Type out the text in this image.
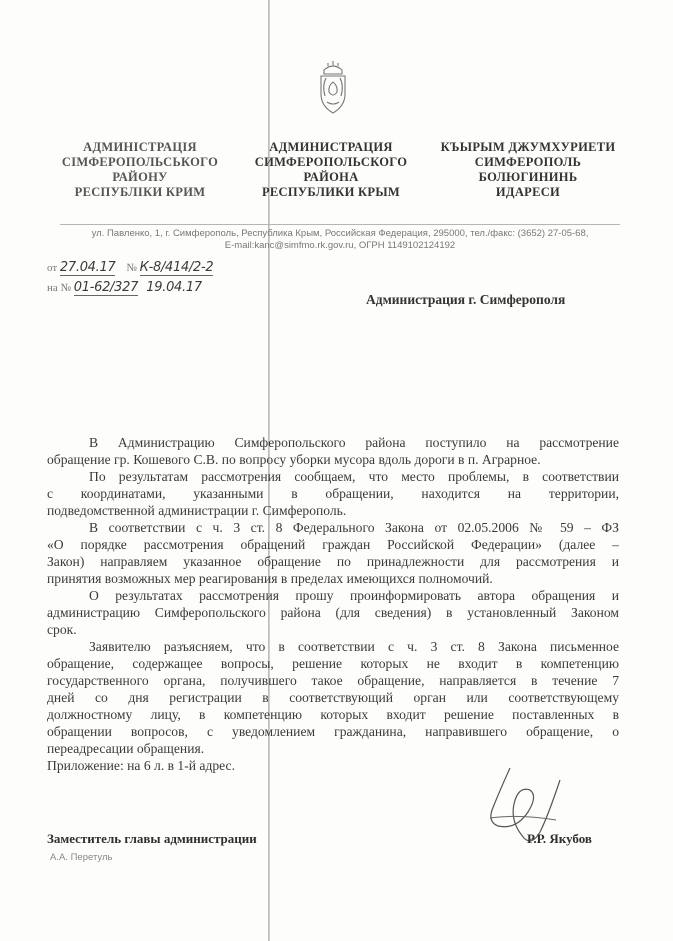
АДМИНІСТРАЦІЯ
СІМФЕРОПОЛЬСЬКОГО
РАЙОНУ
РЕСПУБЛІКИ КРИМ
АДМИНИСТРАЦИЯ
СИМФЕРОПОЛЬСКОГО
РАЙОНА
РЕСПУБЛИКИ КРЫМ
КЪЫРЫМ ДЖУМХУРИЕТИ
СИМФЕРОПОЛЬ
БОЛЮГИНИНЬ
ИДАРЕСИ
ул. Павленко, 1, г. Симферополь, Республика Крым, Российская Федерация, 295000, тел./факс: (3652) 27-05-68,
E-mail:kanc@simfmo.rk.gov.ru, ОГРН 1149102124192
от 27.04.17 № К-8/414/2-2
на № 01-62/327 19.04.17
Администрация г. Симферополя
В Администрацию Симферопольского района поступило на рассмотрение
обращение гр. Кошевого С.В. по вопросу уборки мусора вдоль дороги в п. Аграрное.
По результатам рассмотрения сообщаем, что место проблемы, в соответствии
с координатами, указанными в обращении, находится на территории,
подведомственной администрации г. Симферополь.
В соответствии с ч. 3 ст. 8 Федерального Закона от 02.05.2006 № 59 – ФЗ
«О порядке рассмотрения обращений граждан Российской Федерации» (далее –
Закон) направляем указанное обращение по принадлежности для рассмотрения и
принятия возможных мер реагирования в пределах имеющихся полномочий.
О результатах рассмотрения прошу проинформировать автора обращения и
администрацию Симферопольского района (для сведения) в установленный Законом
срок.
Заявителю разъясняем, что в соответствии с ч. 3 ст. 8 Закона письменное
обращение, содержащее вопросы, решение которых не входит в компетенцию
государственного органа, получившего такое обращение, направляется в течение 7
дней со дня регистрации в соответствующий орган или соответствующему
должностному лицу, в компетенцию которых входит решение поставленных в
обращении вопросов, с уведомлением гражданина, направившего обращение, о
переадресации обращения.
Приложение: на 6 л. в 1-й адрес.
Заместитель главы администрации	Р.Р. Якубов
А.А. Перетуль
